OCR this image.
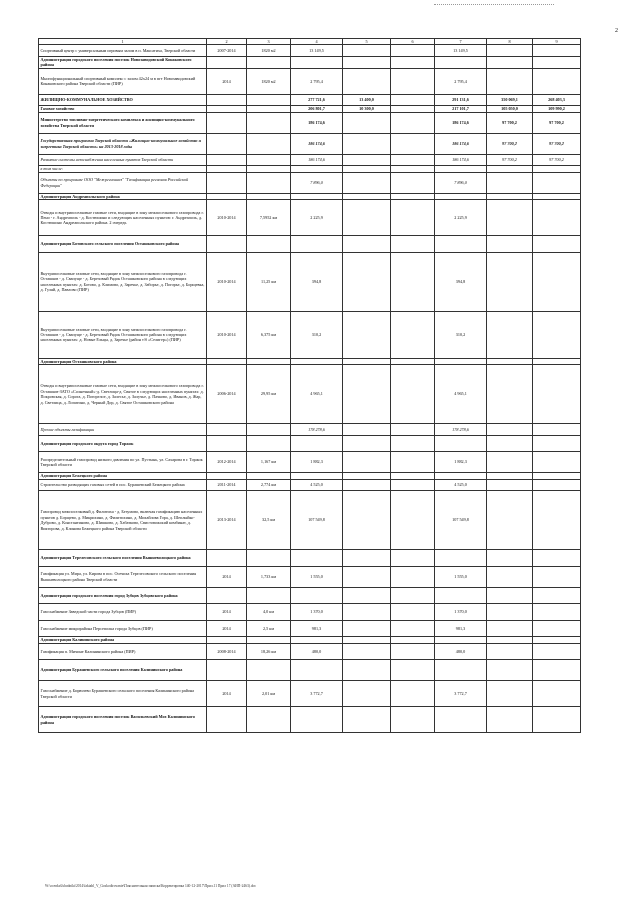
2
1	2	3	4	5	6	7	8	9
Спортивный центр с универсальным игровым залом в п. Максатиха, Тверской области	2007-2014	1820 м2	13 149,5			13 149,5		
Администрация городского поселения поселок Новозавидовский Конаковского района								
Многофункциональный спортивный комплекс с залом 42x24 м в пгт Новозавидовский Конаковского района Тверской области (ПИР)	2014	1820 м2	2 795,4			2 795,4		
ЖИЛИЩНО-КОММУНАЛЬНОЕ ХОЗЯЙСТВО			277 721,6	13 400,0		291 131,6	350 069,1	268 403,3
Газовое хозяйство			206 801,7	10 300,0		217 101,7	105 050,0	109 990,2
Министерство топливно-энергетического комплекса и жилищно-коммунального хозяйства Тверской области			186 174,6			186 174,6	97 700,2	97 700,2
Государственная программа Тверской области «Жилищно-коммунальное хозяйство и энергетика Тверской области» на 2013-2018 годы			186 174,6			186 174,6	97 700,2	97 700,2
Развитие системы газоснабжения населенных пунктов Тверской области			186 174,6			186 174,6	97 700,2	97 700,2
в том числе:								
Объекты по программе ООО "Межрегионгаз" "Газификация регионов Российской Федерации"			7 896,0			7 896,0		
Администрация Андреапольского района								
Отводы и внутрипоселковые газовые сети, входящие в зону межпоселкового газопровода г. Пено - г. Андреаполь - д. Костюшино и следующих населенных пунктов: г. Андреаполь, д. Костюшино Андреапольского района. 2 очередь	2010-2014	7,5952 км	2 225,9			2 225,9		
Администрация Ботовского сельского поселения Осташковского района								
Внутрипоселковые газовые сети, входящие в зону межпоселкового газопровода г. Осташков - д. Свапуще - д. Березовый Рядок Осташковского района в следующих населенных пунктах: д. Ботово, д. Климово, д. Заречье, д. Заборье, д. Погорье, д. Борщевка, д. Гуляй, д. Павлово (ПИР)	2010-2014	11,25 км	394,8			394,8		
Внутрипоселковые газовые сети, входящие в зону межпоселкового газопровода г. Осташков - д. Свапуще - д. Березовый Рядок Осташковского района в следующих населенных пунктах: д. Новые Ельцы, д. Заречье (район т/б «Селигер») (ПИР)	2010-2014	6,375 км	310,2			310,2		
Администрация Осташковского района								
Отводы и внутрипоселковые газовые сети, входящие в зону межпоселкового газопровода г. Осташков-ЗАТО «Солнечный»-д. Светлица-д. Святое в следующих населенных пунктах: д. Покровская, д. Сорога, д. Погорелое, д. Залесье, д. Залучье, д. Пачково, д. Иванов, д. Жар, д. Светлица, д. Лопатино, д. Черный Дор, д. Святое Осташковского района	2006-2014	29,95 км	4 965,1			4 965,1		
Прочие объекты газификации			178 278,6			178 278,6		
Администрация городского округа город Торжок								
Распределительный газопровод низкого давления по ул. Пустынь, ул. Сахарова в г. Торжок Тверской области	2012-2014	1,167 км	1 882,3			1 882,3		
Администрация Бежецкого района								
Строительство разводящих газовых сетей в пос. Бурашевский Бежецкого района	2011-2014	2,774 км	4 525,0			4 525,0		
Газопровод межпоселковый д. Филитиха - д. Безумово, включая газификацию населенных пунктов д. Борщево, д. Микрихино, д. Филитихино, д. Михайлова Гора, д. Шеплыйко-Дуброво, д. Константиново, д. Шишково, д. Хабатково, Свистовожский комбинат, д. Викторова, д. Клинова Бежецкого района Тверской области	2013-2014	32,5 км	107 549,8			107 549,8		
Администрация Терелесовского сельского поселения Вышневолоцкого района								
Газификация ул. Мира, ул. Кирова в пос. Осечиха Терелесовского сельского поселения Вышневолоцкого района Тверской области	2014	1,733 км	1 555,0			1 555,0		
Администрация городского поселения город Зубцов Зубцовского района								
Газоснабжение Заведской части города Зубцов (ПИР)	2014	4,0 км	1 370,0			1 370,0		
Газоснабжение микрорайона Персеполка города Зубцов (ПИР)	2014	2,5 км	981,3			981,3		
Администрация Калининского района								
Газификация п. Мичине Калининского района (ПИР)	2008-2014	18,26 км	480,0			480,0		
Администрация Бурашевского сельского поселения Калининского района								
Газоснабжение д. Бирюлево Бурашевского сельского поселения Калининского района Тверской области	2014	2,01 км	3 772,7			3 772,7		
Администрация городского поселения поселок Васильевский Мох Калининского района								
W:\ocenka\Ishodniki\2014\faktabl_V_Goskodirovanie\Пояснительная записка\Корректировка 140-12-2017\Прил.11 Прил 17 (АИП-2463).doc
